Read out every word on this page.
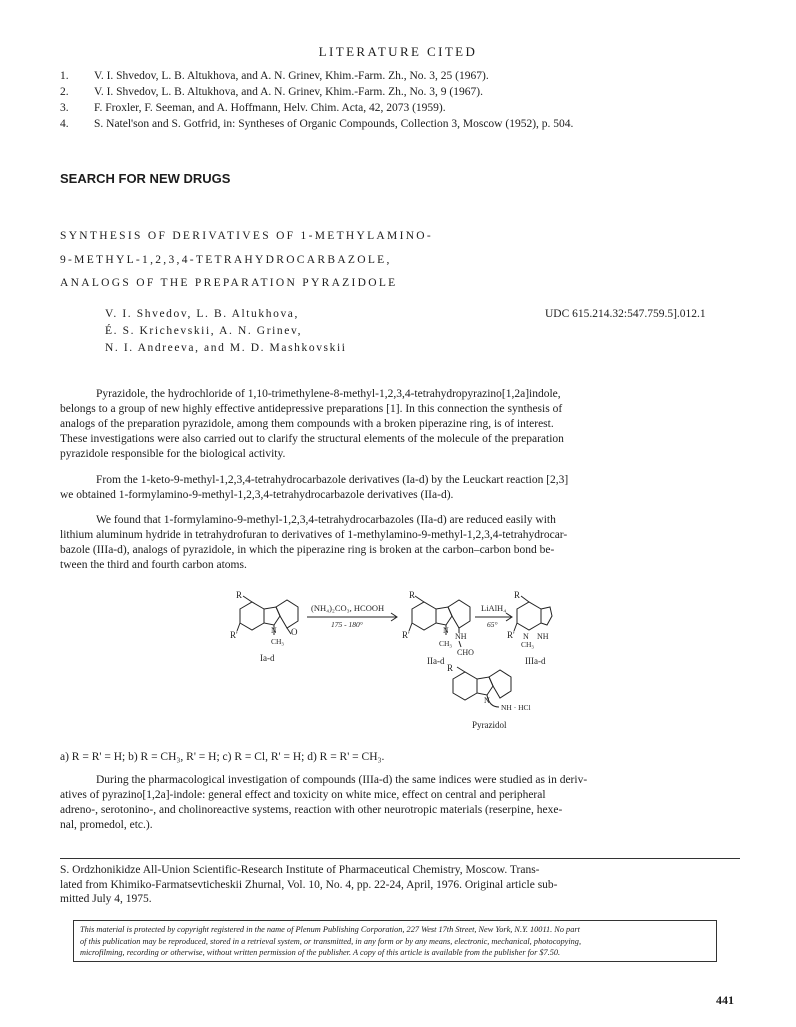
LITERATURE CITED
1. V. I. Shvedov, L. B. Altukhova, and A. N. Grinev, Khim.-Farm. Zh., No. 3, 25 (1967).
2. V. I. Shvedov, L. B. Altukhova, and A. N. Grinev, Khim.-Farm. Zh., No. 3, 9 (1967).
3. F. Froxler, F. Seeman, and A. Hoffmann, Helv. Chim. Acta, 42, 2073 (1959).
4. S. Natel'son and S. Gotfrid, in: Syntheses of Organic Compounds, Collection 3, Moscow (1952), p. 504.
SEARCH FOR NEW DRUGS
SYNTHESIS OF DERIVATIVES OF 1-METHYLAMINO-
9-METHYL-1,2,3,4-TETRAHYDROCARBAZOLE,
ANALOGS OF THE PREPARATION PYRAZIDOLE
V. I. Shvedov, L. B. Altukhova,
É. S. Krichevskii, A. N. Grinev,
N. I. Andreeva, and M. D. Mashkovskii
UDC 615.214.32:547.759.5].012.1
Pyrazidole, the hydrochloride of 1,10-trimethylene-8-methyl-1,2,3,4-tetrahydropyrazino[1,2a]indole,
belongs to a group of new highly effective antidepressive preparations [1]. In this connection the synthesis of
analogs of the preparation pyrazidole, among them compounds with a broken piperazine ring, is of interest.
These investigations were also carried out to clarify the structural elements of the molecule of the preparation
pyrazidole responsible for the biological activity.
From the 1-keto-9-methyl-1,2,3,4-tetrahydrocarbazole derivatives (Ia-d) by the Leuckart reaction [2,3]
we obtained 1-formylamino-9-methyl-1,2,3,4-tetrahydrocarbazole derivatives (IIa-d).
We found that 1-formylamino-9-methyl-1,2,3,4-tetrahydrocarbazoles (IIa-d) are reduced easily with
lithium aluminum hydride in tetrahydrofuran to derivatives of 1-methylamino-9-methyl-1,2,3,4-tetrahydrocar-
bazole (IIIa-d), analogs of pyrazidole, in which the piperazine ring is broken at the carbon–carbon bond be-
tween the third and fourth carbon atoms.
(NH₄)₂CO₃, HCOOH
175 - 180°
LiAlH₄
65°
R
R'	N O
CH₃
Ia-d
R
R'	N
NH
CH₃
CHO
IIa-d
R
R' N NH
CH₃
IIIa-d
R
N
NH · HCl
Pyrazidol
a) R = R' = H; b) R = CH₃, R' = H; c) R = Cl, R' = H; d) R = R' = CH₃.
During the pharmacological investigation of compounds (IIIa-d) the same indices were studied as in deriv-
atives of pyrazino[1,2a]-indole: general effect and toxicity on white mice, effect on central and peripheral
adreno-, serotonino-, and cholinoreactive systems, reaction with other neurotropic materials (reserpine, hexe-
nal, promedol, etc.).
S. Ordzhonikidze All-Union Scientific-Research Institute of Pharmaceutical Chemistry, Moscow. Trans-
lated from Khimiko-Farmatsevticheskii Zhurnal, Vol. 10, No. 4, pp. 22-24, April, 1976. Original article sub-
mitted July 4, 1975.
This material is protected by copyright registered in the name of Plenum Publishing Corporation, 227 West 17th Street, New York, N.Y. 10011. No part
of this publication may be reproduced, stored in a retrieval system, or transmitted, in any form or by any means, electronic, mechanical, photocopying,
microfilming, recording or otherwise, without written permission of the publisher. A copy of this article is available from the publisher for $7.50.
441
